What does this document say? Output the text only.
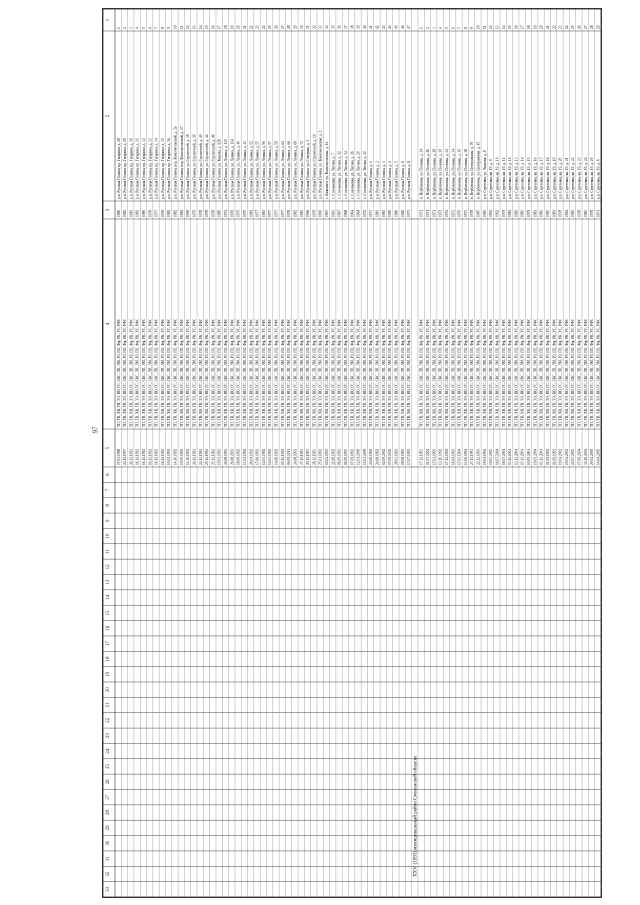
97
1
2
3
4
5
6
7
8
9
10
11
12
13
14
15
16
17
18
19
20
21
22
23
24
25
26
27
28
29
30
31
32
33
1
р.п. Русская Поляна, пр. Гагарина, д. 28
1980
ТП, ТВ, ХВ, ГВ, ЭЭ, ВО, ГС, СКС, ЛП, ЛМ, РЗ, ПЛ, Фф, РК, УС, РФС
07.03.1998
2
р.п. Русская Поляна, пр. Гагарина, д. 29
1982
ТП, ТВ, ХВ, ГВ, ЭЭ, ВО, ГС, СКС, ЛП, ЛМ, РЗ, ПЛ, Фф, РК, УС, РФС
24.11.1997
3
р.п. Русская Поляна, пр. Гагарина, д. 30
1983
ТП, ТВ, ХВ, ГВ, ЭЭ, ВО, ГС, СКС, ЛП, ЛМ, РЗ, ПЛ, Фф, РК, УС, РФС
26.11.1993
4
р.п. Русская Поляна, пр. Гагарина, д. 31
1982
ТП, ТВ, ХВ, ГВ, ЭЭ, ВО, ГС, СКС, ЛП, ЛМ, РЗ, ПЛ, Фф, РК, УС, РФС
16.11.1992
5
р.п. Русская Поляна, пр. Гагарина, д. 32
1980
ТП, ТВ, ХВ, ГВ, ЭЭ, ВО, ГС, СКС, ЛП, ЛМ, РЗ, ПЛ, Фф, РК, УС, РФС
16.11.1992
6
р.п. Русская Поляна, пр. Гагарина, д. 33
1978
ТП, ТВ, ХВ, ГВ, ЭЭ, ВО, ГС, СКС, ЛП, ЛМ, РЗ, ПЛ, Фф, РК, УС, РФС
16.11.1992
7
р.п. Русская Поляна, пр. Гагарина, д. 34
1977
ТП, ТВ, ХВ, ГВ, ЭЭ, ВО, ГС, СКС, ЛП, ЛМ, РЗ, ПЛ, Фф, РК, УС, РФС
16.11.1992
8
р.п. Русская Поляна, пр. Гагарина, д. 35
1976
ТП, ТВ, ХВ, ГВ, ЭЭ, ВО, ГС, СКС, ЛП, ЛМ, РЗ, ПЛ, Фф, РК, УС, РФС
16.11.1992
9
р.п. Русская Поляна, пр. Гагарина, д. 36
1982
ТП, ТВ, ХВ, ГВ, ЭЭ, ВО, ГС, СКС, ЛП, ЛМ, РЗ, ПЛ, Фф, РК, УС, РФС
10.02.1992
10
р.п. Русская Поляна, пер. Комсомольский, д. 2а
1982
ТП, ТВ, ХВ, ГВ, ЭЭ, ВО, ГС, СКС, ЛП, ЛМ, РЗ, ПЛ, Фф, РК, УС, РФС
14.10.1992
11
р.п. Русская Поляна, пер. Комсомольский, д. 27
1984
ТП, ТВ, ХВ, ГВ, ЭЭ, ВО, ГС, СКС, ЛП, ЛМ, РЗ, ПЛ, Фф, РК, УС, РФС
10.05.1992
12
р.п. Русская Поляна, ул. Строителей, д. 38
1969
ТП, ТВ, ХВ, ГВ, ЭЭ, ВО, ГС, СКС, ЛП, ЛМ, РЗ, ПЛ, Фф, РК, УС, РФС
14.10.1992
13
р.п. Русская Поляна, ул. Строителей, д. 39
1979
ТП, ТВ, ХВ, ГВ, ЭЭ, ВО, ГС, СКС, ЛП, ЛМ, РЗ, ПЛ, Фф, РК, УС, РФС
24.11.1992
14
р.п. Русская Поляна, ул. Строителей, д. 40
1978
ТП, ТВ, ХВ, ГВ, ЭЭ, ВО, ГС, СКС, ЛП, ЛМ, РЗ, ПЛ, Фф, РК, УС, РФС
24.11.1992
15
р.п. Русская Поляна, ул. Строителей, д. 44
1978
ТП, ТВ, ХВ, ГВ, ЭЭ, ВО, ГС, СКС, ЛП, ЛМ, РЗ, ПЛ, Фф, РК, УС, РФС
25.11.1992
16
р.п. Русская Поляна, ул. Строителей, д. 46
1978
ТП, ТВ, ХВ, ГВ, ЭЭ, ВО, ГС, СКС, ЛП, ЛМ, РЗ, ПЛ, Фф, РК, УС, РФС
25.11.1992
17
р.п. Русская Поляна, ул. Кирова, д. 128
1985
ТП, ТВ, ХВ, ГВ, ЭЭ, ВО, ГС, СКС, ЛП, ЛМ, РЗ, ПЛ, Фф, РК, УС, РФС
19.01.1993
18
р.п. Русская Поляна, ул. Ленина, д. 130
1974
ТП, ТВ, ХВ, ГВ, ЭЭ, ВО, ГС, СКС, ЛП, ЛМ, РЗ, ПЛ, Фф, РК, УС, РФС
26.08.1993
19
р.п. Русская Поляна, ул. Ленина, д. 134
1976
ТП, ТВ, ХВ, ГВ, ЭЭ, ВО, ГС, СКС, ЛП, ЛМ, РЗ, ПЛ, Фф, РК, УС, РФС
26.08.2003
20
р.п. Русская Поляна, ул. Ленина, д. 40
1975
ТП, ТВ, ХВ, ГВ, ЭЭ, ВО, ГС, СКС, ЛП, ЛМ, РЗ, ПЛ, Фф, РК, УС, РФС
18.06.1992
21
р.п. Русская Поляна, ул. Ленина, д. 43
1975
ТП, ТВ, ХВ, ГВ, ЭЭ, ВО, ГС, СКС, ЛП, ЛМ, РЗ, ПЛ, Фф, РК, УС, РФС
13.04.1992
22
р.п. Русская Поляна, ул. Ленина, д. 52
1981
ТП, ТВ, ХВ, ГВ, ЭЭ, ВО, ГС, СКС, ЛП, ЛМ, РЗ, ПЛ, Фф, РК, УС, РФС
26.04.1992
23
р.п. Русская Поляна, ул. Ленина, д. 55
1977
ТП, ТВ, ХВ, ГВ, ЭЭ, ВО, ГС, СКС, ЛП, ЛМ, РЗ, ПЛ, Фф, РК, УС, РФС
17.06.1993
24
р.п. Русская Поляна, ул. Ленина, д. 56
1983
ТП, ТВ, ХВ, ГВ, ЭЭ, ВО, ГС, СКС, ЛП, ЛМ, РЗ, ПЛ, Фф, РК, УС, РФС
14.03.1992
25
р.п. Русская Поляна, ул. Ленина, д. 57
1977
ТП, ТВ, ХВ, ГВ, ЭЭ, ВО, ГС, СКС, ЛП, ЛМ, РЗ, ПЛ, Фф, РК, УС, РФС
14.03.1992
26
р.п. Русская Поляна, ул. Ленина, д. 59
1977
ТП, ТВ, ХВ, ГВ, ЭЭ, ВО, ГС, СКС, ЛП, ЛМ, РЗ, ПЛ, Фф, РК, УС, РФС
14.08.1992
27
р.п. Русская Поляна, ул. Ленина, д. 64
1977
ТП, ТВ, ХВ, ГВ, ЭЭ, ВО, ГС, СКС, ЛП, ЛМ, РЗ, ПЛ, Фф, РК, УС, РФС
19.11.1992
28
р.п. Русская Поляна, ул. Ленина, д. 66
1978
ТП, ТВ, ХВ, ГВ, ЭЭ, ВО, ГС, СКС, ЛП, ЛМ, РЗ, ПЛ, Фф, РК, УС, РФС
06.09.2011
29
р.п. Русская Поляна, ул. Ленина, д. 68
1982
ТП, ТВ, ХВ, ГВ, ЭЭ, ВО, ГС, СКС, ЛП, ЛМ, РЗ, ПЛ, Фф, РК, УС, РФС
24.08.1993
30
р.п. Русская Поляна, ул. Ленина, д. 72
1983
ТП, ТВ, ХВ, ГВ, ЭЭ, ВО, ГС, СКС, ЛП, ЛМ, РЗ, ПЛ, Фф, РК, УС, РФС
27.11.1993
31
р.п. Русская Поляна, ул. Северная, д. 1
1966
ТП, ТВ, ХВ, ГВ, ЭЭ, ВО, ГС, СКС, ЛП, ЛМ, РЗ, ПЛ, Фф, РК, УС, РФС
29.11.1993
32
р.п. Русская Поляна, ул. Строителей, д. 14
1979
ТП, ТВ, ХВ, ГВ, ЭЭ, ВО, ГС, СКС, ЛП, ЛМ, РЗ, ПЛ, Фф, РК, УС, РФС
28.11.1993
33
р.п. Русская Поляна, ул. Комсомольская, д. 2
1960
ТП, ТВ, ХВ, ГВ, ЭЭ, ВО, ГС, СКС, ЛП, ЛМ, РЗ, ПЛ, Фф, РК, УС, РФС
25.01.1993
34
с. Кивеньга, ул. Комсомольская, д. 14
1967
ТП, ТВ, ХВ, ГВ, ЭЭ, ВО, ГС, СКС, ЛП, ЛМ, РЗ, ПЛ, Фф, РК, УС, РФС
02.04.1993
35
с. Соловьевка, ул. Титова, д. 7
1963
ТП, ТВ, ХВ, ГВ, ЭЭ, ВО, ГС, СКС, ЛП, ЛМ, РЗ, ПЛ, Фф, РК, УС, РФС
22.08.1992
36
с. Соловьевка, ул. Титова, д. 12
1967
ТП, ТВ, ХВ, ГВ, ЭЭ, ВО, ГС, СКС, ЛП, ЛМ, РЗ, ПЛ, Фф, РК, УС, РФС
06.09.1993
37
с. Соловьевка, ул. Титова, д. 14
1968
ТП, ТВ, ХВ, ГВ, ЭЭ, ВО, ГС, СКС, ЛП, ЛМ, РЗ, ПЛ, Фф, РК, УС, РФС
06.09.1993
38
с. Соловьевка, ул. Титова, д. 16
1964
ТП, ТВ, ХВ, ГВ, ЭЭ, ВО, ГС, СКС, ЛП, ЛМ, РЗ, ПЛ, Фф, РК, УС, РФС
07.09.1993
39
с. Соловьевка, ул. Титова, д. 20
1964
ТП, ТВ, ХВ, ГВ, ЭЭ, ВО, ГС, СКС, ЛП, ЛМ, РЗ, ПЛ, Фф, РК, УС, РФС
12.01.2009
40
с. Соловьевка, ул. Титова, д. 22
1972
ТП, ТВ, ХВ, ГВ, ЭЭ, ВО, ГС, СКС, ЛП, ЛМ, РЗ, ПЛ, Фф, РК, УС, РФС
12.01.2009
41
р.п. Русская Поляна, д. 1
1973
ТП, ТВ, ХВ, ГВ, ЭЭ, ВО, ГС, СКС, ЛП, ЛМ, РЗ, ПЛ, Фф, РК, УС, РФС
24.08.1992
42
р.п. Русская Поляна, д. 2
1983
ТП, ТВ, ХВ, ГВ, ЭЭ, ВО, ГС, СКС, ЛП, ЛМ, РЗ, ПЛ, Фф, РК, УС, РФС
24.08.1992
43
р.п. Русская Поляна, д. 3
1983
ТП, ТВ, ХВ, ГВ, ЭЭ, ВО, ГС, СКС, ЛП, ЛМ, РЗ, ПЛ, Фф, РК, УС, РФС
02.09.2002
44
р.п. Русская Поляна, д. 4
1985
ТП, ТВ, ХВ, ГВ, ЭЭ, ВО, ГС, СКС, ЛП, ЛМ, РЗ, ПЛ, Фф, РК, УС, РФС
07.09.2002
45
р.п. Русская Поляна, д. 5
1980
ТП, ТВ, ХВ, ГВ, ЭЭ, ВО, ГС, СКС, ЛП, ЛМ, РЗ, ПЛ, Фф, РК, УС, РФС
28.03.1993
46
р.п. Русская Поляна, д. 6
1982
ТП, ТВ, ХВ, ГВ, ЭЭ, ВО, ГС, СКС, ЛП, ЛМ, РЗ, ПЛ, Фф, РК, УС, РФС
09.08.1993
47
р.п. Русская Поляна, д. 8
1973
ТП, ТВ, ХВ, ГВ, ЭЭ, ВО, ГС, СКС, ЛП, ЛМ, РЗ, ПЛ, Фф, РК, УС, РФС
17.07.1993
XXV. (1993) муниципальный район Смоленской области
1
п. Верблюжка, ул. Полевая, д. 24
1971
ТП, ТВ, ХВ, ГВ, ЭЭ, ВО, ГС, СКС, ЛП, ЛМ, РЗ, ПЛ, Фф, РК, УС, РФС
17.11.1993
2
п. Верблюжка, ул. Полевая, д. 26
1971
ТП, ТВ, ХВ, ГВ, ЭЭ, ВО, ГС, СКС, ЛП, ЛМ, РЗ, ПЛ, Фф, РК, УС, РФС
01.07.2004
3
п. Верблюжка, ул. Полевая, д. 28
1971
ТП, ТВ, ХВ, ГВ, ЭЭ, ВО, ГС, СКС, ЛП, ЛМ, РЗ, ПЛ, Фф, РК, УС, РФС
17.01.1993
4
п. Верблюжка, ул. Полевая, д. 30
1972
ТП, ТВ, ХВ, ГВ, ЭЭ, ВО, ГС, СКС, ЛП, ЛМ, РЗ, ПЛ, Фф, РК, УС, РФС
13.10.1992
5
п. Верблюжка, ул. Полевая, д. 32
1972
ТП, ТВ, ХВ, ГВ, ЭЭ, ВО, ГС, СКС, ЛП, ЛМ, РЗ, ПЛ, Фф, РК, УС, РФС
17.12.1992
6
п. Верблюжка, ул. Полевая, д. 34
1973
ТП, ТВ, ХВ, ГВ, ЭЭ, ВО, ГС, СКС, ЛП, ЛМ, РЗ, ПЛ, Фф, РК, УС, РФС
16.04.1993
7
п. Верблюжка, ул. Полевая, д. 36
1970
ТП, ТВ, ХВ, ГВ, ЭЭ, ВО, ГС, СКС, ЛП, ЛМ, РЗ, ПЛ, Фф, РК, УС, РФС
17.03.1994
8
п. Верблюжка, ул. Полевая, д. 38
1973
ТП, ТВ, ХВ, ГВ, ЭЭ, ВО, ГС, СКС, ЛП, ЛМ, РЗ, ПЛ, Фф, РК, УС, РФС
13.06.1994
9
п. Верблюжка, ул. Центральная, д. 79
1978
ТП, ТВ, ХВ, ГВ, ЭЭ, ВО, ГС, СКС, ЛП, ЛМ, РЗ, ПЛ, Фф, РК, УС, РФС
27.11.1993
10
п. Верблюжка, ул. Центральная, д. 15
1987
ТП, ТВ, ХВ, ГВ, ЭЭ, ВО, ГС, СКС, ЛП, ЛМ, РЗ, ПЛ, Фф, РК, УС, РФС
22.12.1993
11
р.п. Сергеевка, ул. Чкалова, д. 8
1983
ТП, ТВ, ХВ, ГВ, ЭЭ, ВО, ГС, СКС, ЛП, ЛМ, РЗ, ПЛ, Фф, РК, УС, РФС
19.01.1994
12
р.п. Сергеевка, кв. 19, д. 9
1992
ТП, ТВ, ХВ, ГВ, ЭЭ, ВО, ГС, СКС, ЛП, ЛМ, РЗ, ПЛ, Фф, РК, УС, РФС
10.03.2003
13
р.п. Сергеевка, кв. 19, д. 10
1992
ТП, ТВ, ХВ, ГВ, ЭЭ, ВО, ГС, СКС, ЛП, ЛМ, РЗ, ПЛ, Фф, РК, УС, РФС
16.07.2004
14
р.п. Сергеевка, кв. 19, д. 11
1979
ТП, ТВ, ХВ, ГВ, ЭЭ, ВО, ГС, СКС, ЛП, ЛМ, РЗ, ПЛ, Фф, РК, УС, РФС
16.07.2004
15
р.п. Сергеевка, кв. 19, д. 12
1982
ТП, ТВ, ХВ, ГВ, ЭЭ, ВО, ГС, СКС, ЛП, ЛМ, РЗ, ПЛ, Фф, РК, УС, РФС
03.11.2004
16
р.п. Сергеевка, кв. 19, д. 13
1983
ТП, ТВ, ХВ, ГВ, ЭЭ, ВО, ГС, СКС, ЛП, ЛМ, РЗ, ПЛ, Фф, РК, УС, РФС
13.11.2004
17
р.п. Сергеевка, кв. 19, д. 14
1983
ТП, ТВ, ХВ, ГВ, ЭЭ, ВО, ГС, СКС, ЛП, ЛМ, РЗ, ПЛ, Фф, РК, УС, РФС
03.11.2004
18
р.п. Сергеевка, кв. 19, д. 15
1979
ТП, ТВ, ХВ, ГВ, ЭЭ, ВО, ГС, СКС, ЛП, ЛМ, РЗ, ПЛ, Фф, РК, УС, РФС
10.05.2004
19
р.п. Сергеевка, кв. 19, д. 16
1983
ТП, ТВ, ХВ, ГВ, ЭЭ, ВО, ГС, СКС, ЛП, ЛМ, РЗ, ПЛ, Фф, РК, УС, РФС
10.05.2004
20
р.п. Сергеевка, кв. 19, д. 17
1983
ТП, ТВ, ХВ, ГВ, ЭЭ, ВО, ГС, СКС, ЛП, ЛМ, РЗ, ПЛ, Фф, РК, УС, РФС
03.11.2004
21
р.п. Сергеевка, кв. 19, д. 18
1983
ТП, ТВ, ХВ, ГВ, ЭЭ, ВО, ГС, СКС, ЛП, ЛМ, РЗ, ПЛ, Фф, РК, УС, РФС
01.09.1992
22
р.п. Сергеевка, кв. 19, д. 19
1983
ТП, ТВ, ХВ, ГВ, ЭЭ, ВО, ГС, СКС, ЛП, ЛМ, РЗ, ПЛ, Фф, РК, УС, РФС
01.09.1993
23
р.п. Сергеевка, кв. 19, д. 20
1978
ТП, ТВ, ХВ, ГВ, ЭЭ, ВО, ГС, СКС, ЛП, ЛМ, РЗ, ПЛ, Фф, РК, УС, РФС
19.04.2002
24
р.п. Сергеевка, кв. 19, д. 21
1984
ТП, ТВ, ХВ, ГВ, ЭЭ, ВО, ГС, СКС, ЛП, ЛМ, РЗ, ПЛ, Фф, РК, УС, РФС
19.04.2002
25
р.п. Сергеевка, кв. 19, д. 22
1983
ТП, ТВ, ХВ, ГВ, ЭЭ, ВО, ГС, СКС, ЛП, ЛМ, РЗ, ПЛ, Фф, РК, УС, РФС
22.07.2003
26
р.п. Сергеевка, кв. 19, д. 23
1978
ТП, ТВ, ХВ, ГВ, ЭЭ, ВО, ГС, СКС, ЛП, ЛМ, РЗ, ПЛ, Фф, РК, УС, РФС
07.09.2004
27
р.п. Сергеевка, кв. 19, д. 24
1983
ТП, ТВ, ХВ, ГВ, ЭЭ, ВО, ГС, СКС, ЛП, ЛМ, РЗ, ПЛ, Фф, РК, УС, РФС
30.10.2004
28
р.п. Сергеевка, кв. 19, д. 25
1978
ТП, ТВ, ХВ, ГВ, ЭЭ, ВО, ГС, СКС, ЛП, ЛМ, РЗ, ПЛ, Фф, РК, УС, РФС
29.04.2005
29
р.п. Сергеевка, кв. 19, д. 6
1971
ТП, ТВ, ХВ, ГВ, ЭЭ, ВО, ГС, СКС, ЛП, ЛМ, РЗ, ПЛ, Фф, РК, УС, РФС
14.04.2005
